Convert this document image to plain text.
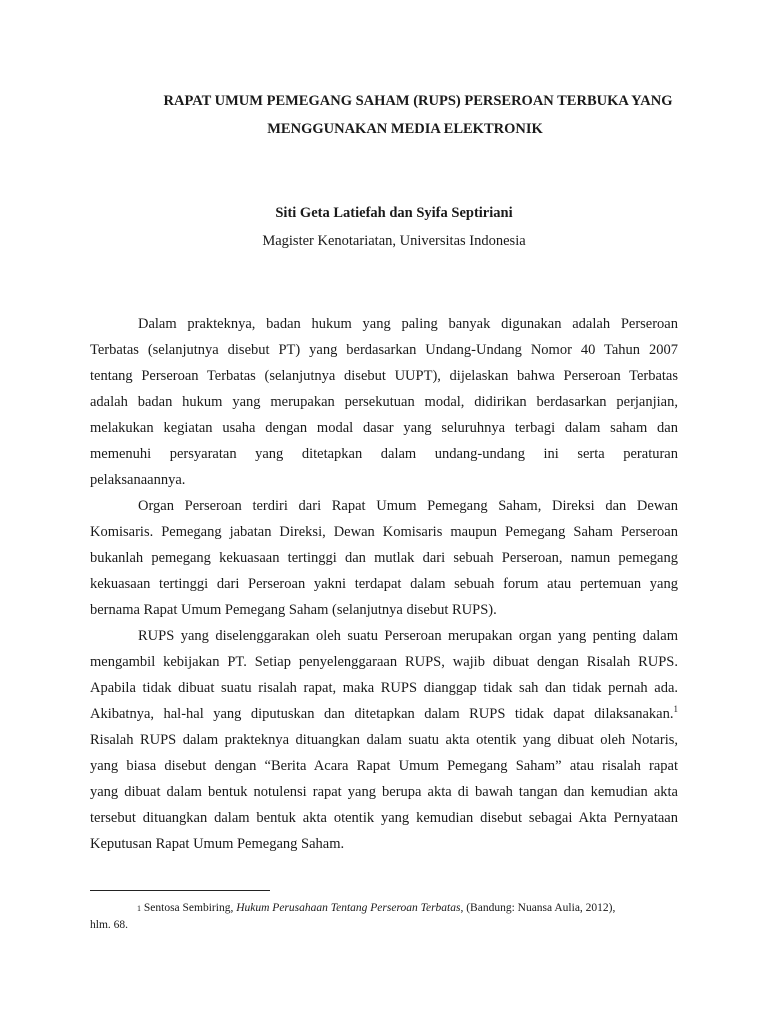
RAPAT UMUM PEMEGANG SAHAM (RUPS) PERSEROAN TERBUKA YANG
MENGGUNAKAN MEDIA ELEKTRONIK
Siti Geta Latiefah dan Syifa Septiriani
Magister Kenotariatan, Universitas Indonesia
Dalam prakteknya, badan hukum yang paling banyak digunakan adalah Perseroan
Terbatas (selanjutnya disebut PT) yang berdasarkan Undang-Undang Nomor 40 Tahun 2007
tentang Perseroan Terbatas (selanjutnya disebut UUPT), dijelaskan bahwa Perseroan Terbatas
adalah badan hukum yang merupakan persekutuan modal, didirikan berdasarkan perjanjian,
melakukan kegiatan usaha dengan modal dasar yang seluruhnya terbagi dalam saham dan
memenuhi persyaratan yang ditetapkan dalam undang-undang ini serta peraturan
pelaksanaannya.
Organ Perseroan terdiri dari Rapat Umum Pemegang Saham, Direksi dan Dewan
Komisaris. Pemegang jabatan Direksi, Dewan Komisaris maupun Pemegang Saham Perseroan
bukanlah pemegang kekuasaan tertinggi dan mutlak dari sebuah Perseroan, namun pemegang
kekuasaan tertinggi dari Perseroan yakni terdapat dalam sebuah forum atau pertemuan yang
bernama Rapat Umum Pemegang Saham (selanjutnya disebut RUPS).
RUPS yang diselenggarakan oleh suatu Perseroan merupakan organ yang penting dalam
mengambil kebijakan PT. Setiap penyelenggaraan RUPS, wajib dibuat dengan Risalah RUPS.
Apabila tidak dibuat suatu risalah rapat, maka RUPS dianggap tidak sah dan tidak pernah ada.
Akibatnya, hal-hal yang diputuskan dan ditetapkan dalam RUPS tidak dapat dilaksanakan.$^1$
Risalah RUPS dalam prakteknya dituangkan dalam suatu akta otentik yang dibuat oleh Notaris,
yang biasa disebut dengan “Berita Acara Rapat Umum Pemegang Saham” atau risalah rapat
yang dibuat dalam bentuk notulensi rapat yang berupa akta di bawah tangan dan kemudian akta
tersebut dituangkan dalam bentuk akta otentik yang kemudian disebut sebagai Akta Pernyataan
Keputusan Rapat Umum Pemegang Saham.
$^1$ Sentosa Sembiring, Hukum Perusahaan Tentang Perseroan Terbatas, (Bandung: Nuansa Aulia, 2012),
hlm. 68.
